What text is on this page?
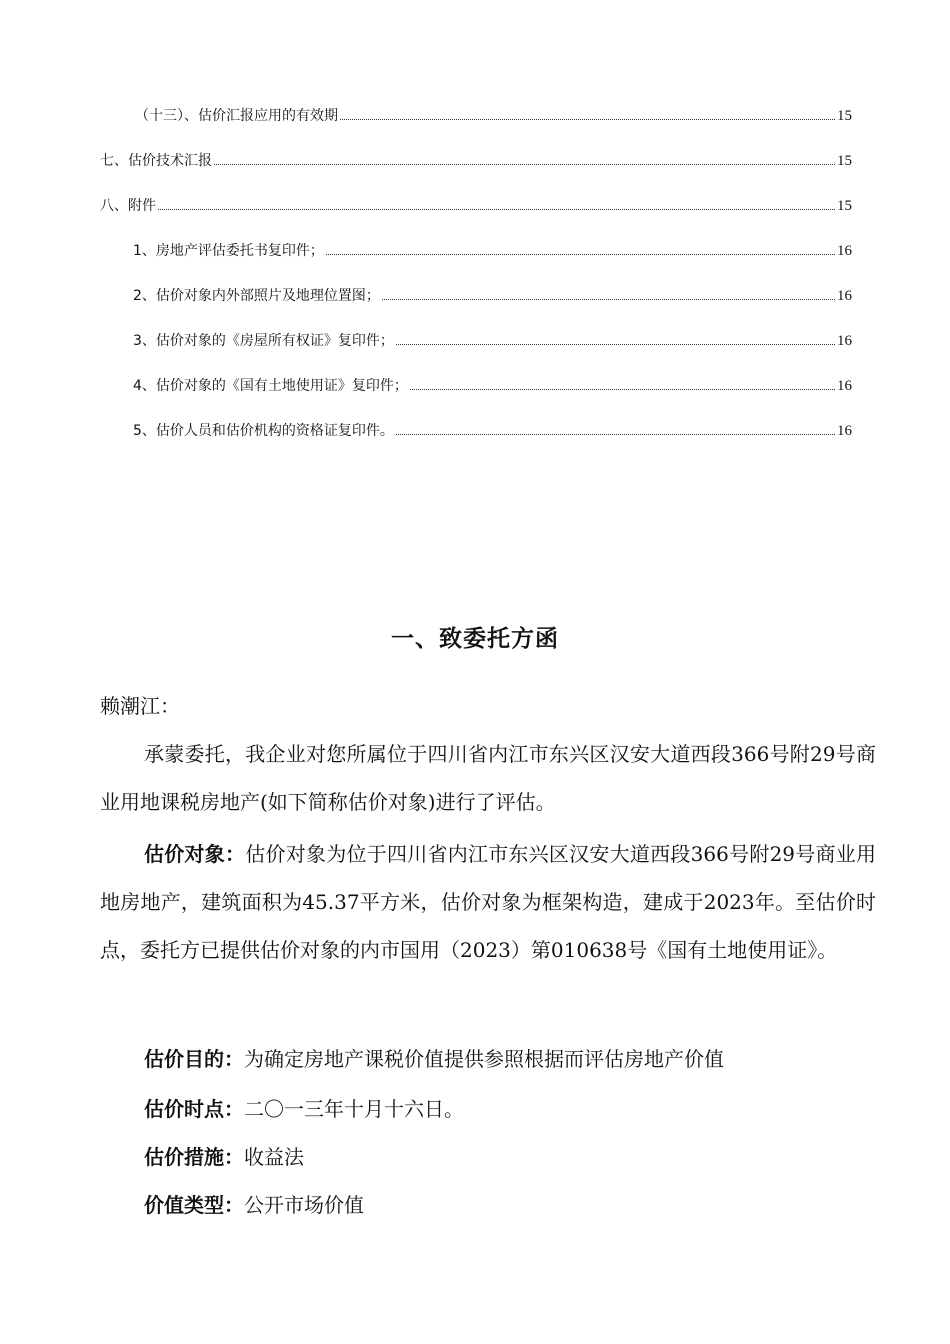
（十三）、估价汇报应用的有效期	15
七、估价技术汇报	15
八、附件	15
1、房地产评估委托书复印件；	16
2、估价对象内外部照片及地理位置图；	16
3、估价对象的《房屋所有权证》复印件；	16
4、估价对象的《国有土地使用证》复印件；	16
5、估价人员和估价机构的资格证复印件。	16
一、致委托方函
赖潮江：
承蒙委托，我企业对您所属位于四川省内江市东兴区汉安大道西段366号附29号商业用地课税房地产(如下简称估价对象)进行了评估。
估价对象：估价对象为位于四川省内江市东兴区汉安大道西段366号附29号商业用地房地产，建筑面积为45.37平方米，估价对象为框架构造，建成于2023年。至估价时点，委托方已提供估价对象的内市国用（2023）第010638号《国有土地使用证》。
估价目的：为确定房地产课税价值提供参照根据而评估房地产价值
估价时点：二〇一三年十月十六日。
估价措施：收益法
价值类型：公开市场价值
